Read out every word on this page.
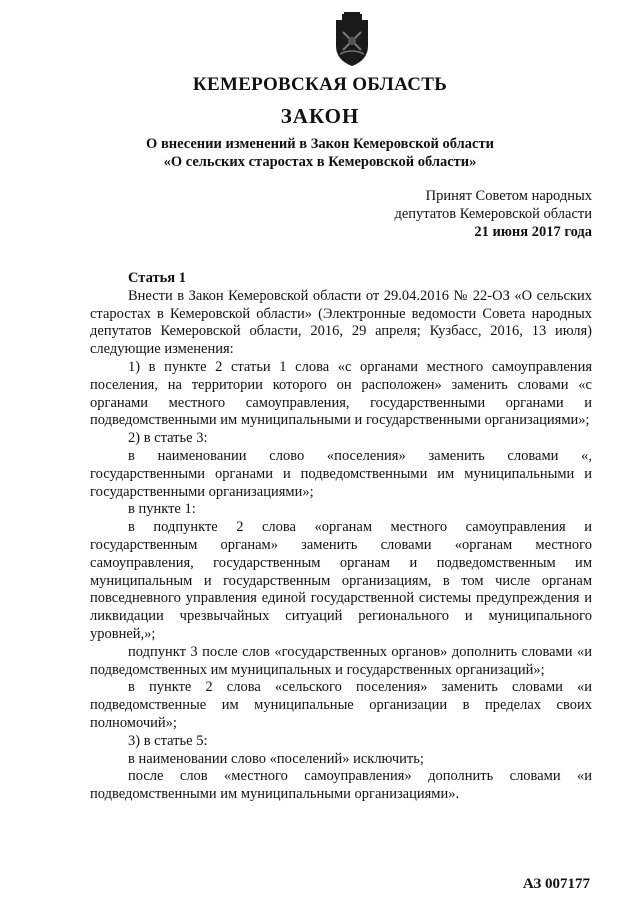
КЕМЕРОВСКАЯ ОБЛАСТЬ
ЗАКОН
О внесении изменений в Закон Кемеровской области
«О сельских старостах в Кемеровской области»
Принят Советом народных
депутатов Кемеровской области
21 июня 2017 года
Статья 1

Внести в Закон Кемеровской области от 29.04.2016 № 22-ОЗ «О сельских старостах в Кемеровской области» (Электронные ведомости Совета народных депутатов Кемеровской области, 2016, 29 апреля; Кузбасс, 2016, 13 июля) следующие изменения:

1) в пункте 2 статьи 1 слова «с органами местного самоуправления поселения, на территории которого он расположен» заменить словами «с органами местного самоуправления, государственными органами и подведомственными им муниципальными и государственными организациями»;

2) в статье 3:

в наименовании слово «поселения» заменить словами «, государственными органами и подведомственными им муниципальными и государственными организациями»;

в пункте 1:

в подпункте 2 слова «органам местного самоуправления и государственным органам» заменить словами «органам местного самоуправления, государственным органам и подведомственным им муниципальным и государственным организациям, в том числе органам повседневного управления единой государственной системы предупреждения и ликвидации чрезвычайных ситуаций регионального и муниципального уровней,»;

подпункт 3 после слов «государственных органов» дополнить словами «и подведомственных им муниципальных и государственных организаций»;

в пункте 2 слова «сельского поселения» заменить словами «и подведомственные им муниципальные организации в пределах своих полномочий»;

3) в статье 5:

в наименовании слово «поселений» исключить;

после слов «местного самоуправления» дополнить словами «и подведомственными им муниципальными организациями».

АЗ 007177
